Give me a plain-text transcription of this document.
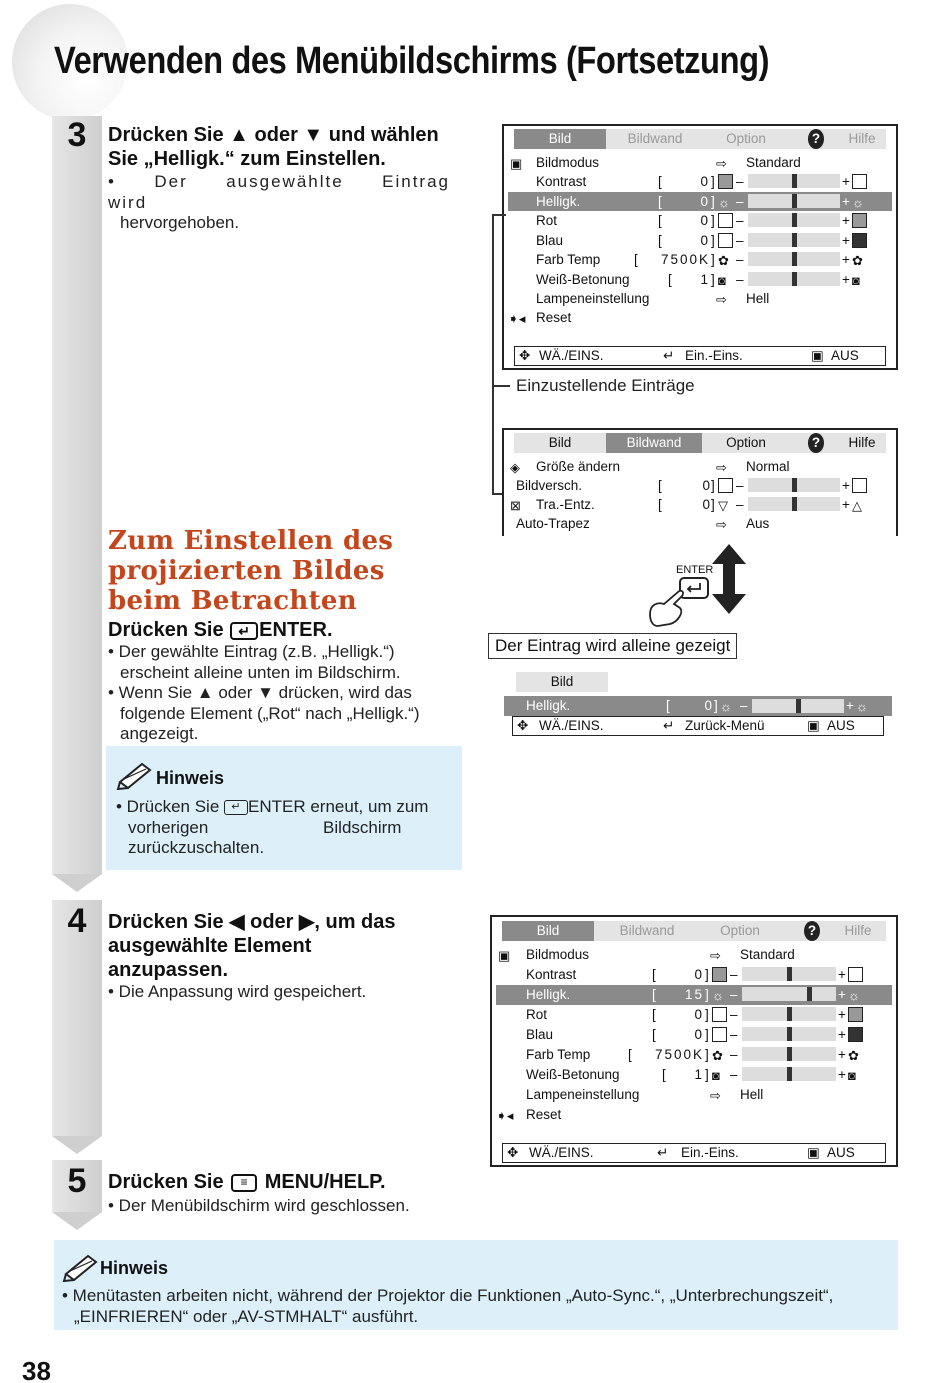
Verwenden des Menübildschirms (Fortsetzung)
3
4
5
Drücken Sie ▲ oder ▼ und wählen
Sie „Helligk.“ zum Einstellen.
• Der ausgewählte Eintrag wird
hervorgehoben.
Zum Einstellen des projizierten Bildes beim Betrachten
Drücken Sie ↵ ENTER.
• Der gewählte Eintrag (z.B. „Helligk.“)
erscheint alleine unten im Bildschirm.
• Wenn Sie ▲ oder ▼ drücken, wird das
folgende Element („Rot“ nach „Helligk.“)
angezeigt.
Hinweis
• Drücken Sie ↵ ENTER erneut, um zum
vorherigen Bildschirm
zurückzuschalten.
Drücken Sie ◀ oder ▶, um das
ausgewählte Element
anzupassen.
• Die Anpassung wird gespeichert.
Drücken Sie ≡ MENU/HELP.
• Der Menübildschirm wird geschlossen.
Hinweis
• Menütasten arbeiten nicht, während der Projektor die Funktionen „Auto-Sync.“, „Unterbrechungszeit“,
„EINFRIEREN“ oder „AV-STMHALT“ ausführt.
38
Bild	Bildwand	Option	?	Hilfe
▣ Bildmodus	⇨ Standard
Kontrast	[	0 ] –	+
Helligk.	[	0 ] ☼ –	+ ☼
Rot	[	0 ] –	+
Blau	[	0 ] –	+
Farb Temp [ 7500K ] ✿ –	+ ✿
Weiß-Betonung	[	1 ] ◙ –	+ ◙
Lampeneinstellung	⇨ Hell
➧◂ Reset
✥ WÄ./EINS.	↵ Ein.-Eins.	▣ AUS
Einzustellende Einträge
Bild	Bildwand	Option	?	Hilfe
◈ Größe ändern	⇨ Normal
Bildversch.	[	0 ] –	+
⊠ Tra.-Entz.	[	0 ] ▽ –	+ △
Auto-Trapez	⇨ Aus
ENTER
Der Eintrag wird alleine gezeigt
Bild
Helligk.	[	0 ] ☼ –	+ ☼
✥ WÄ./EINS.	↵ Zurück-Menü	▣ AUS
Bild	Bildwand	Option	?	Hilfe
▣ Bildmodus	⇨ Standard
Kontrast	[	0 ] –	+
Helligk.	[	15 ] ☼ –	+ ☼
Rot	[	0 ] –	+
Blau	[	0 ] –	+
Farb Temp	[ 7500K ] ✿ –	+ ✿
Weiß-Betonung	[	1 ] ◙ –	+ ◙
Lampeneinstellung	⇨ Hell
➧◂ Reset
✥ WÄ./EINS.	↵ Ein.-Eins.	▣ AUS
